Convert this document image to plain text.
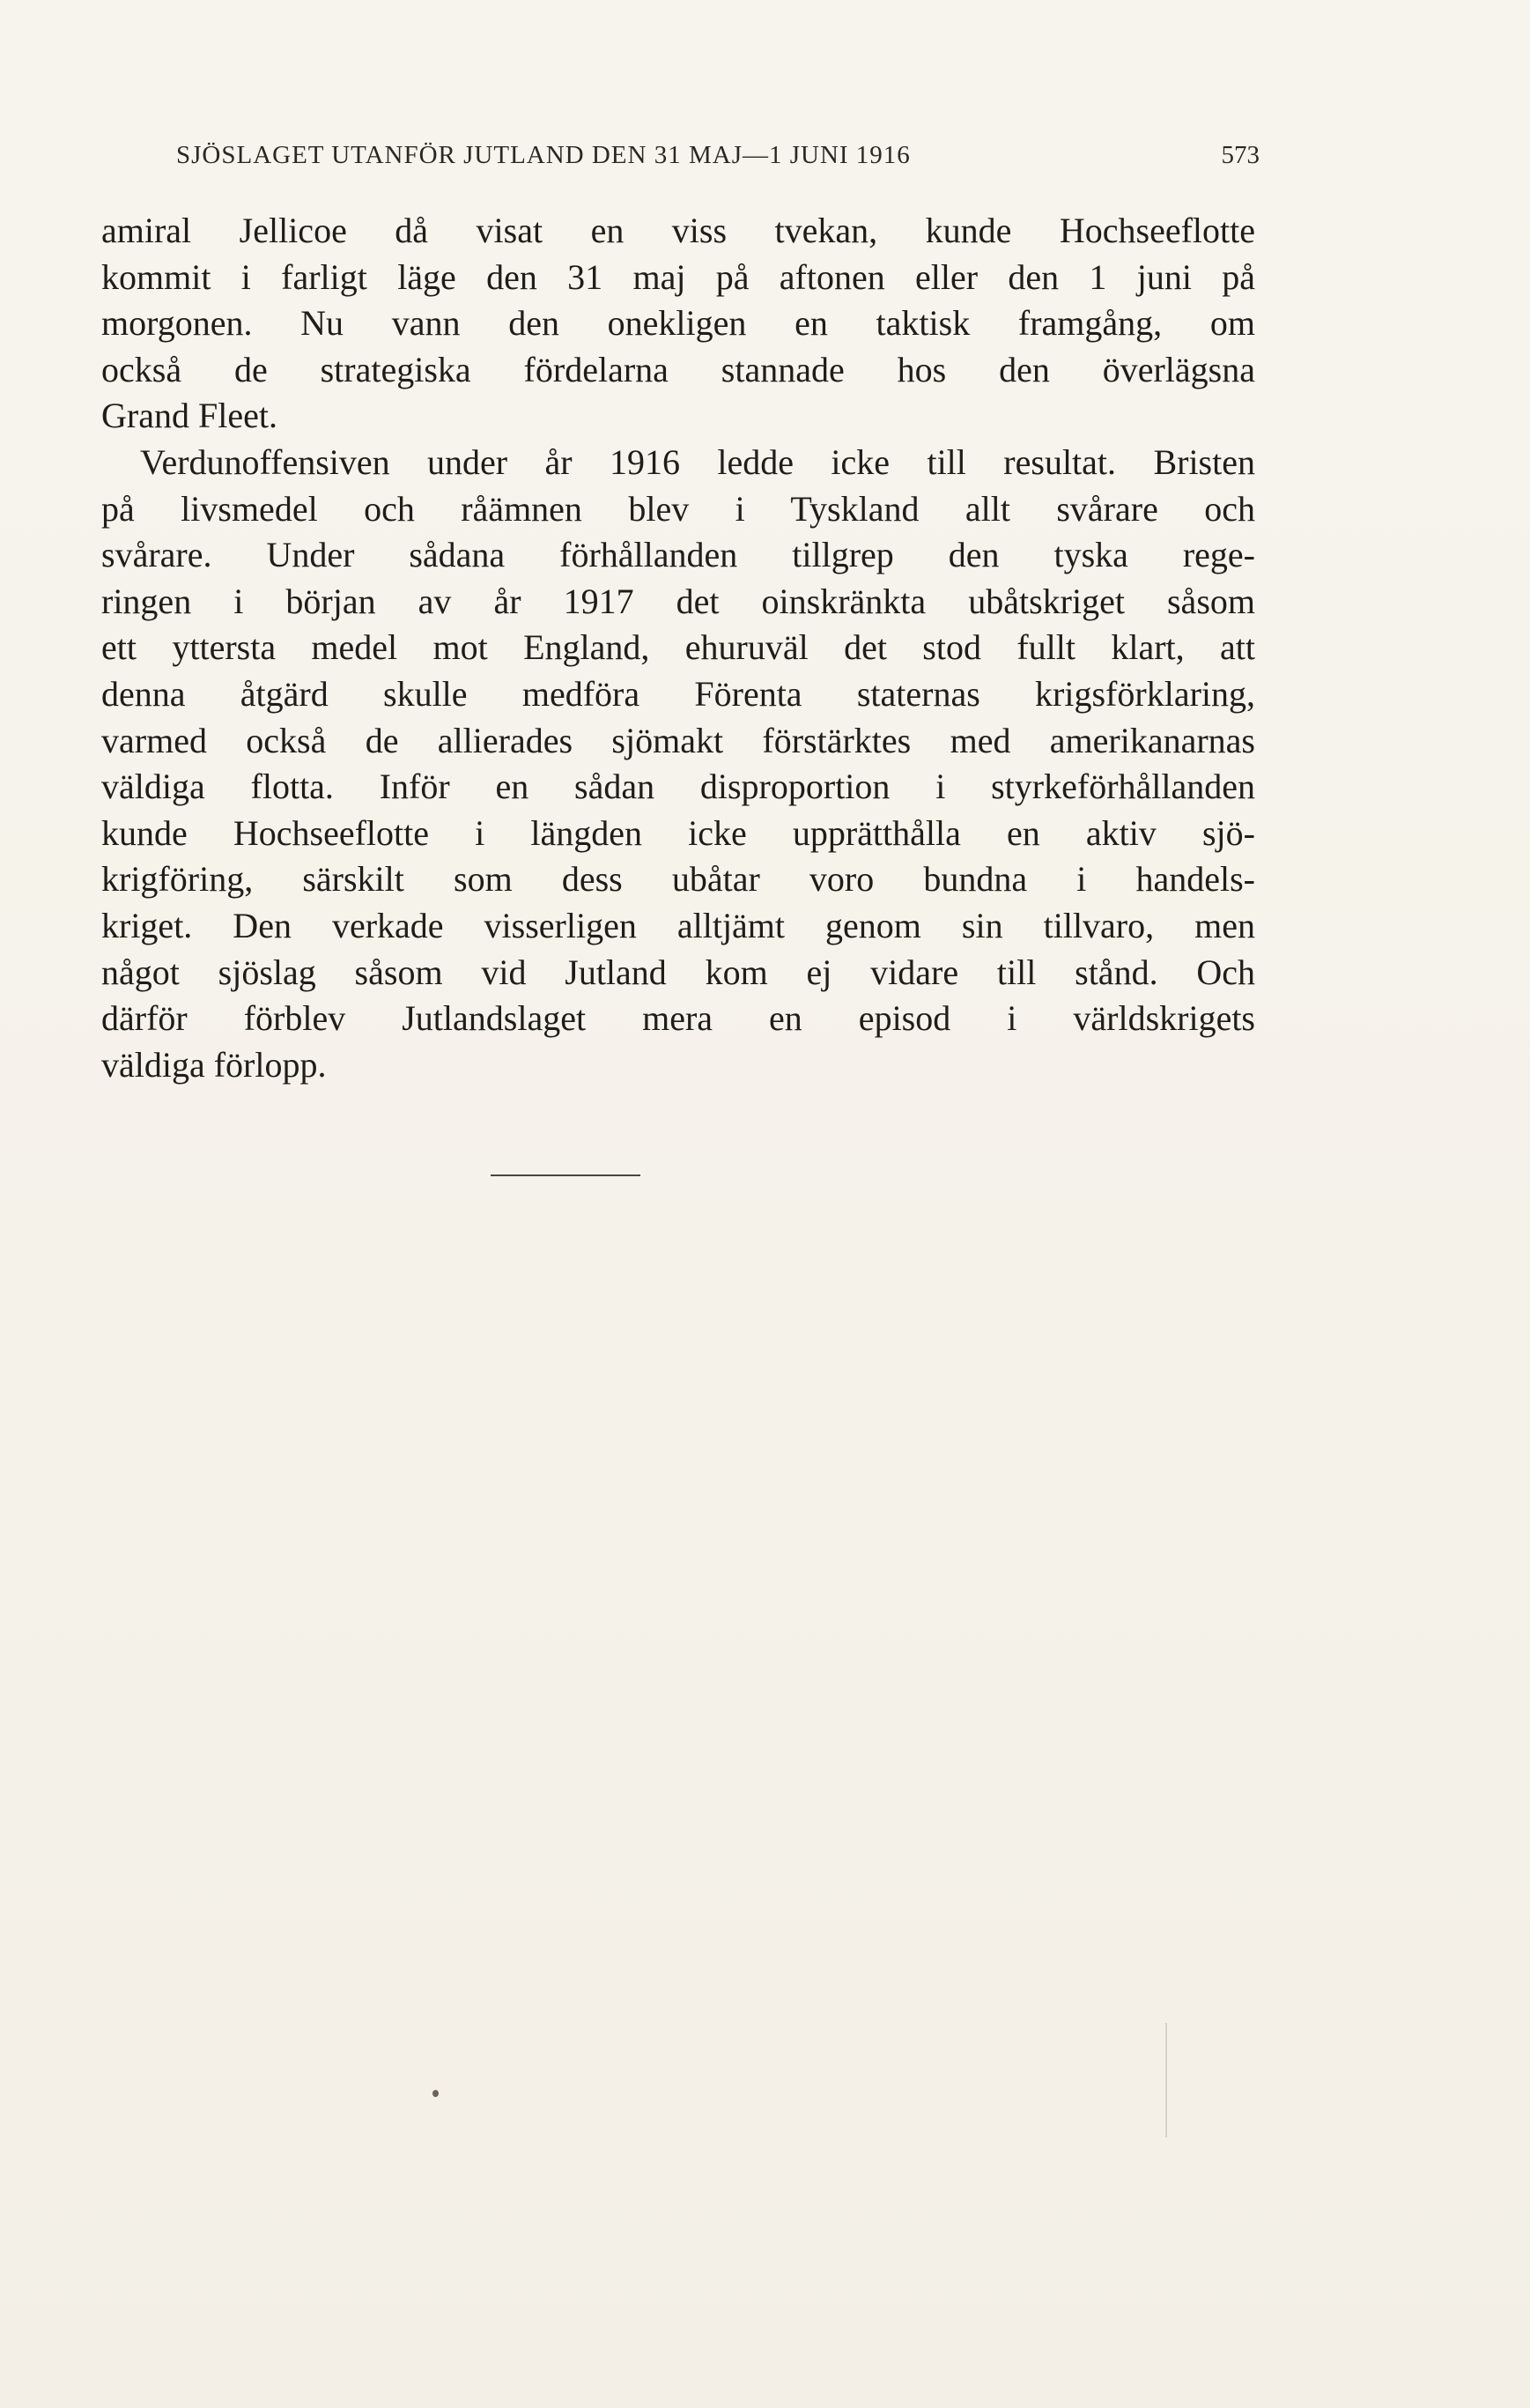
SJÖSLAGET UTANFÖR JUTLAND DEN 31 MAJ—1 JUNI 1916	573
amiral Jellicoe då visat en viss tvekan, kunde Hochseeflotte
kommit i farligt läge den 31 maj på aftonen eller den 1 juni på
morgonen. Nu vann den onekligen en taktisk framgång, om
också de strategiska fördelarna stannade hos den överlägsna
Grand Fleet.
Verdunoffensiven under år 1916 ledde icke till resultat. Bristen
på livsmedel och råämnen blev i Tyskland allt svårare och
svårare. Under sådana förhållanden tillgrep den tyska rege-
ringen i början av år 1917 det oinskränkta ubåtskriget såsom
ett yttersta medel mot England, ehuruväl det stod fullt klart, att
denna åtgärd skulle medföra Förenta staternas krigsförklaring,
varmed också de allierades sjömakt förstärktes med amerikanarnas
väldiga flotta. Inför en sådan disproportion i styrkeförhållanden
kunde Hochseeflotte i längden icke upprätthålla en aktiv sjö-
krigföring, särskilt som dess ubåtar voro bundna i handels-
kriget. Den verkade visserligen alltjämt genom sin tillvaro, men
något sjöslag såsom vid Jutland kom ej vidare till stånd. Och
därför förblev Jutlandslaget mera en episod i världskrigets
väldiga förlopp.
